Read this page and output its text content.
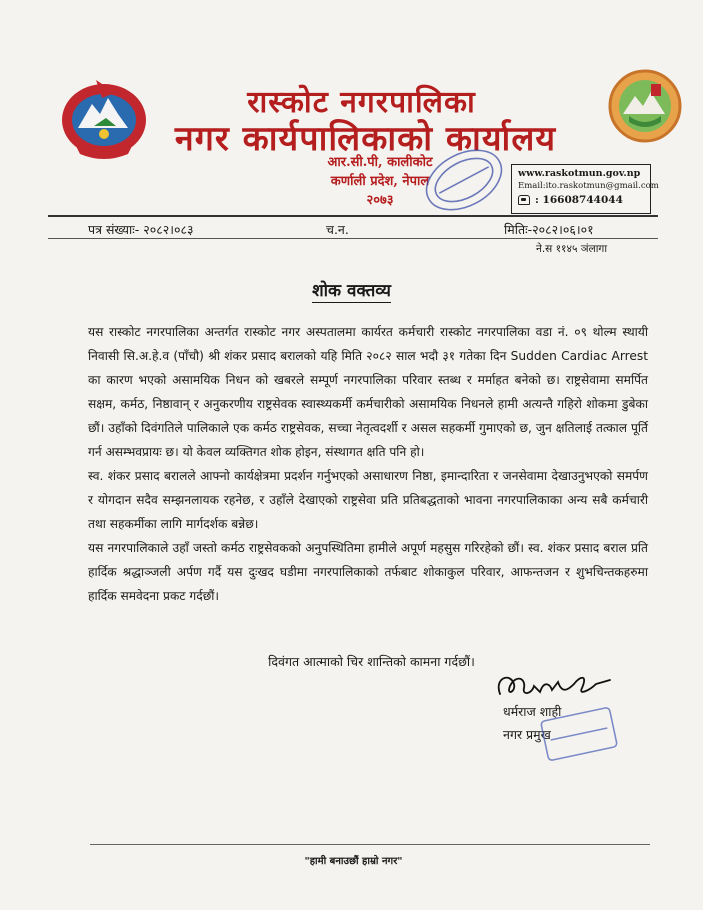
रास्कोट नगरपालिका
नगर कार्यपालिकाको कार्यालय
आर.सी.पी, कालीकोट
कर्णाली प्रदेश, नेपाल
२०७३
www.raskotmun.gov.np
Email:ito.raskotmun@gmail.com
: 16608744044
पत्र संख्याः- २०८२।०८३	च.न.	मितिः-२०८२।०६।०१
ने.स ११४५ ञंलागा
शोक वक्तव्य

यस रास्कोट नगरपालिका अन्तर्गत रास्कोट नगर अस्पतालमा कार्यरत कर्मचारी रास्कोट नगरपालिका वडा नं. ०९ थोल्म स्थायी निवासी सि.अ.हे.व (पाँचौ) श्री शंकर प्रसाद बरालको यहि मिति २०८२ साल भदौ ३१ गतेका दिन Sudden Cardiac Arrest का कारण भएको असामयिक निधन को खबरले सम्पूर्ण नगरपालिका परिवार स्तब्ध र मर्माहत बनेको छ। राष्ट्रसेवामा समर्पित सक्षम, कर्मठ, निष्ठावान् र अनुकरणीय राष्ट्रसेवक स्वास्थ्यकर्मी कर्मचारीको असामयिक निधनले हामी अत्यन्तै गहिरो शोकमा डुबेका छौं। उहाँको दिवंगतिले पालिकाले एक कर्मठ राष्ट्रसेवक, सच्चा नेतृत्वदर्शी र असल सहकर्मी गुमाएको छ, जुन क्षतिलाई तत्काल पूर्ति गर्न असम्भवप्रायः छ। यो केवल व्यक्तिगत शोक होइन, संस्थागत क्षति पनि हो।

स्व. शंकर प्रसाद बरालले आफ्नो कार्यक्षेत्रमा प्रदर्शन गर्नुभएको असाधारण निष्ठा, इमान्दारिता र जनसेवामा देखाउनुभएको समर्पण र योगदान सदैव सम्झनलायक रहनेछ, र उहाँले देखाएको राष्ट्रसेवा प्रति प्रतिबद्धताको भावना नगरपालिकाका अन्य सबै कर्मचारी तथा सहकर्मीका लागि मार्गदर्शक बन्नेछ।

यस नगरपालिकाले उहाँ जस्तो कर्मठ राष्ट्रसेवकको अनुपस्थितिमा हामीले अपूर्ण महसुस गरिरहेको छौं। स्व. शंकर प्रसाद बराल प्रति हार्दिक श्रद्धाञ्जली अर्पण गर्दै यस दुःखद घडीमा नगरपालिकाको तर्फबाट शोकाकुल परिवार, आफन्तजन र शुभचिन्तकहरुमा हार्दिक समवेदना प्रकट गर्दछौं।

दिवंगत आत्माको चिर शान्तिको कामना गर्दछौं।
धर्मराज शाही
नगर प्रमुख
"हामी बनाउछौं हाम्रो नगर"
